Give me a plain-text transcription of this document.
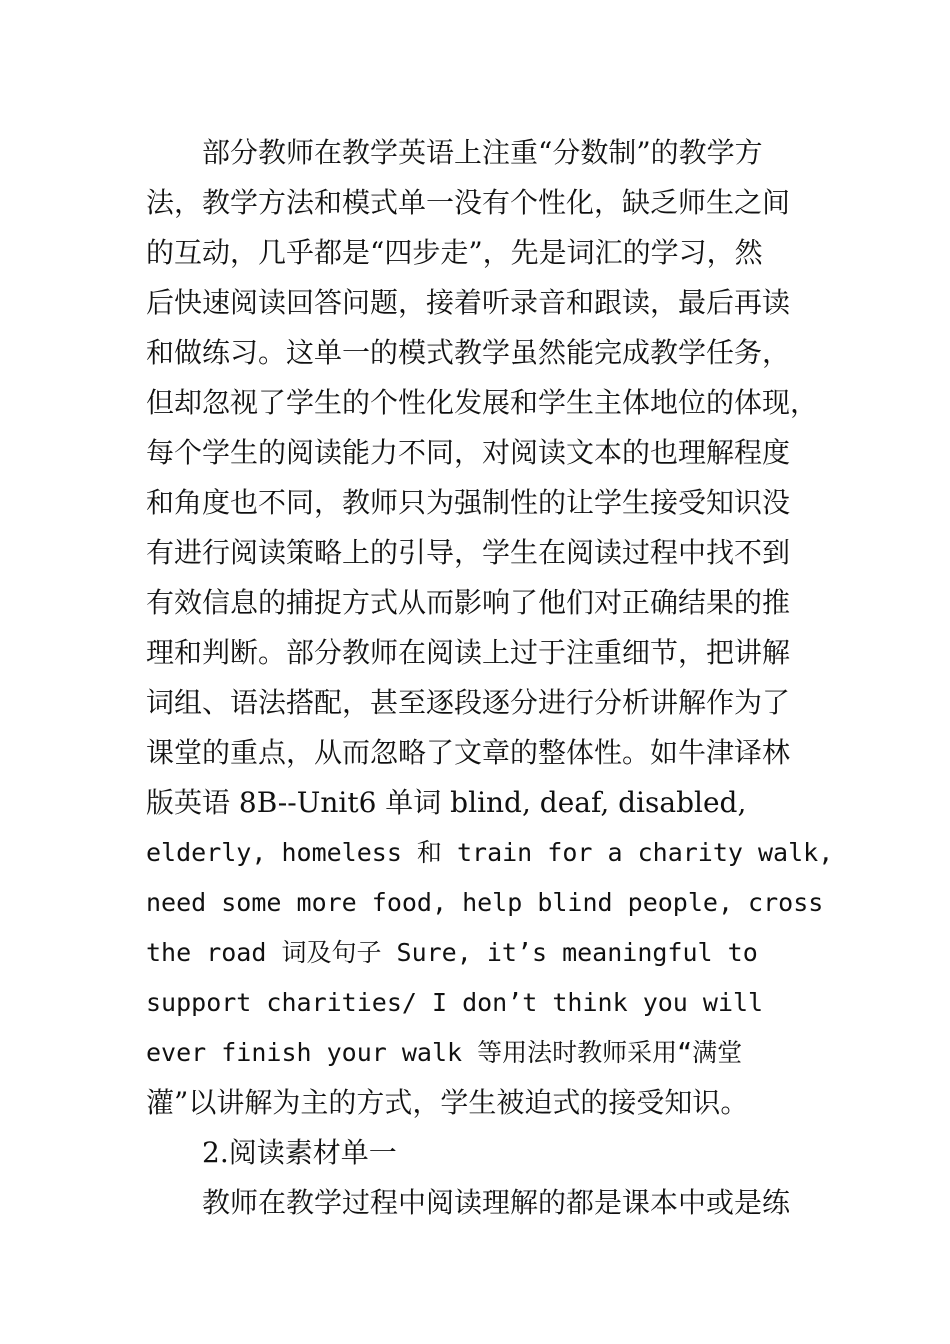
部分教师在教学英语上注重“分数制”的教学方
法，教学方法和模式单一没有个性化，缺乏师生之间
的互动，几乎都是“四步走”，先是词汇的学习，然
后快速阅读回答问题，接着听录音和跟读，最后再读
和做练习。这单一的模式教学虽然能完成教学任务，
但却忽视了学生的个性化发展和学生主体地位的体现，
每个学生的阅读能力不同，对阅读文本的也理解程度
和角度也不同，教师只为强制性的让学生接受知识没
有进行阅读策略上的引导，学生在阅读过程中找不到
有效信息的捕捉方式从而影响了他们对正确结果的推
理和判断。部分教师在阅读上过于注重细节，把讲解
词组、语法搭配，甚至逐段逐分进行分析讲解作为了
课堂的重点，从而忽略了文章的整体性。如牛津译林
版英语 8B--Unit6 单词 blind, deaf, disabled,
elderly, homeless 和 train for a charity walk,
need some more food, help blind people, cross
the road 词及句子 Sure, it’s meaningful to
support charities/ I don’t think you will
ever finish your walk 等用法时教师采用“满堂
灌”以讲解为主的方式，学生被迫式的接受知识。
2.阅读素材单一
教师在教学过程中阅读理解的都是课本中或是练
